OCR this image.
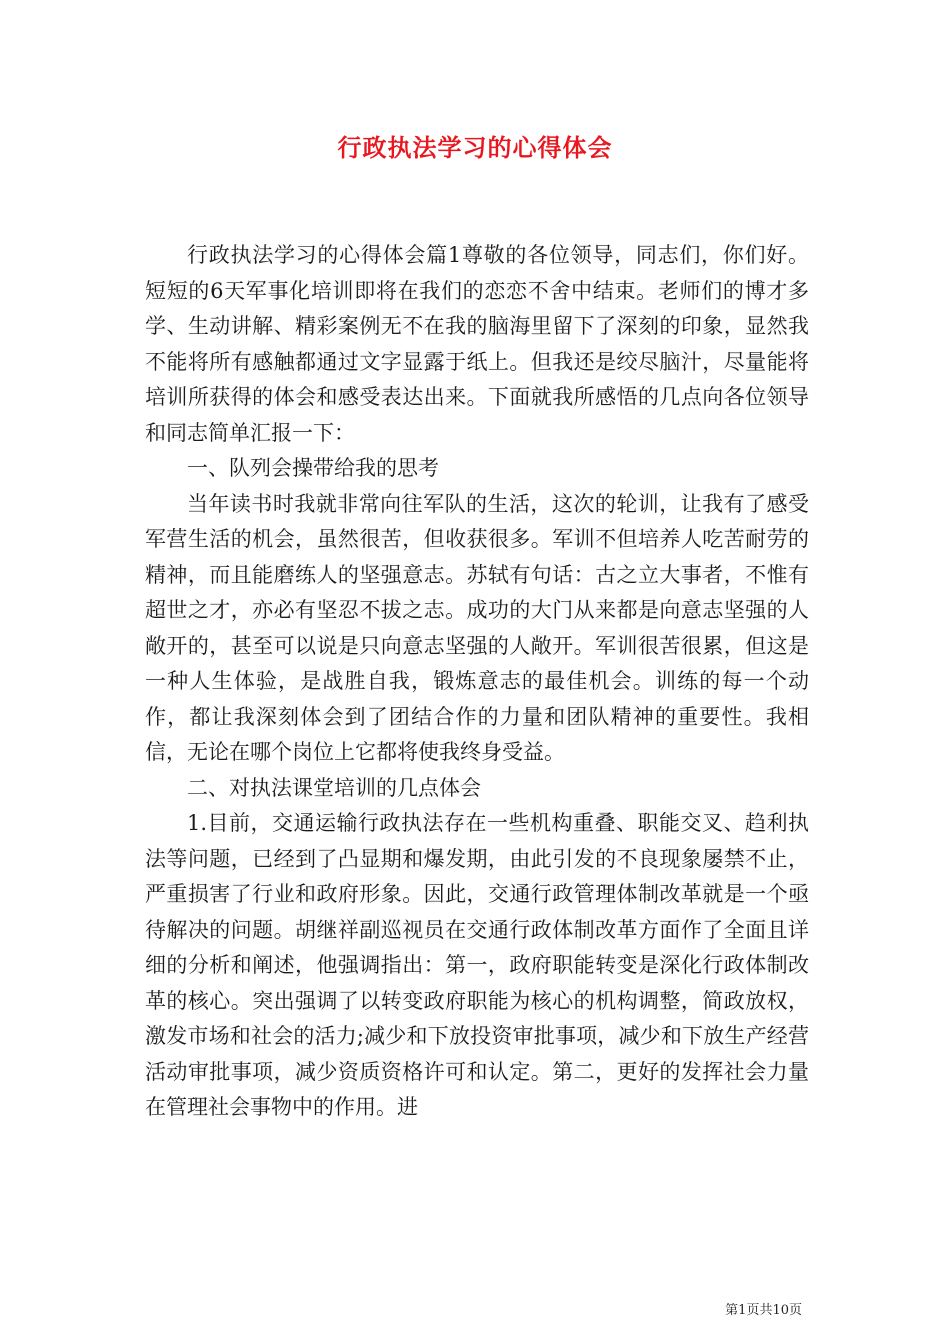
行政执法学习的心得体会

行政执法学习的心得体会篇1尊敬的各位领导，同志们，你们好。短短的6天军事化培训即将在我们的恋恋不舍中结束。老师们的博才多学、生动讲解、精彩案例无不在我的脑海里留下了深刻的印象，显然我不能将所有感触都通过文字显露于纸上。但我还是绞尽脑汁，尽量能将培训所获得的体会和感受表达出来。下面就我所感悟的几点向各位领导和同志简单汇报一下：

一、队列会操带给我的思考

当年读书时我就非常向往军队的生活，这次的轮训，让我有了感受军营生活的机会，虽然很苦，但收获很多。军训不但培养人吃苦耐劳的精神，而且能磨练人的坚强意志。苏轼有句话：古之立大事者，不惟有超世之才，亦必有坚忍不拔之志。成功的大门从来都是向意志坚强的人敞开的，甚至可以说是只向意志坚强的人敞开。军训很苦很累，但这是一种人生体验，是战胜自我，锻炼意志的最佳机会。训练的每一个动作，都让我深刻体会到了团结合作的力量和团队精神的重要性。我相信，无论在哪个岗位上它都将使我终身受益。

二、对执法课堂培训的几点体会

1.目前，交通运输行政执法存在一些机构重叠、职能交叉、趋利执法等问题，已经到了凸显期和爆发期，由此引发的不良现象屡禁不止，严重损害了行业和政府形象。因此，交通行政管理体制改革就是一个亟待解决的问题。胡继祥副巡视员在交通行政体制改革方面作了全面且详细的分析和阐述，他强调指出：第一，政府职能转变是深化行政体制改革的核心。突出强调了以转变政府职能为核心的机构调整，简政放权，激发市场和社会的活力;减少和下放投资审批事项，减少和下放生产经营活动审批事项，减少资质资格许可和认定。第二，更好的发挥社会力量在管理社会事物中的作用。进

第1页共10页
